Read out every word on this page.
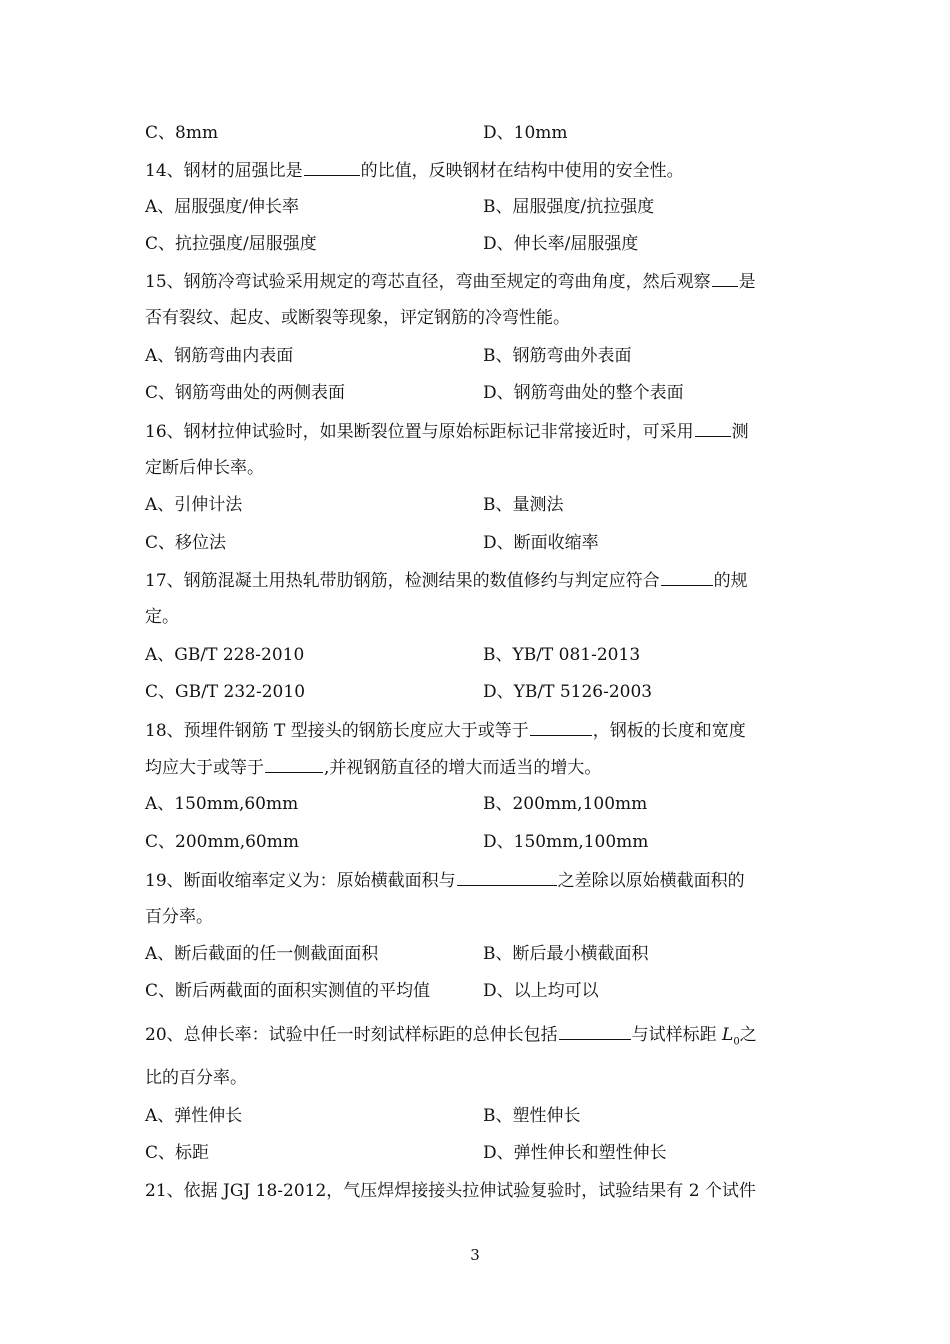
C、8mm	D、10mm
14、钢材的屈强比是	的比值，反映钢材在结构中使用的安全性。
A、屈服强度/伸长率	B、屈服强度/抗拉强度
C、抗拉强度/屈服强度	D、伸长率/屈服强度
15、钢筋冷弯试验采用规定的弯芯直径，弯曲至规定的弯曲角度，然后观察 是
否有裂纹、起皮、或断裂等现象，评定钢筋的冷弯性能。
A、钢筋弯曲内表面	B、钢筋弯曲外表面
C、钢筋弯曲处的两侧表面	D、钢筋弯曲处的整个表面
16、钢材拉伸试验时，如果断裂位置与原始标距标记非常接近时，可采用 测
定断后伸长率。
A、引伸计法	B、量测法
C、移位法	D、断面收缩率
17、钢筋混凝土用热轧带肋钢筋，检测结果的数值修约与判定应符合	的规
定。
A、GB/T 228-2010	B、YB/T 081-2013
C、GB/T 232-2010	D、YB/T 5126-2003
18、预埋件钢筋 T 型接头的钢筋长度应大于或等于	，钢板的长度和宽度
均应大于或等于	,并视钢筋直径的增大而适当的增大。
A、150mm,60mm	B、200mm,100mm
C、200mm,60mm	D、150mm,100mm
19、断面收缩率定义为：原始横截面积与	之差除以原始横截面积的
百分率。
A、断后截面的任一侧截面面积	B、断后最小横截面积
C、断后两截面的面积实测值的平均值	D、以上均可以
20、总伸长率：试验中任一时刻试样标距的总伸长包括	与试样标距 $L_0$之
比的百分率。
A、弹性伸长	B、塑性伸长
C、标距	D、弹性伸长和塑性伸长
21、依据 JGJ 18-2012，气压焊焊接接头拉伸试验复验时，试验结果有 2 个试件
3
